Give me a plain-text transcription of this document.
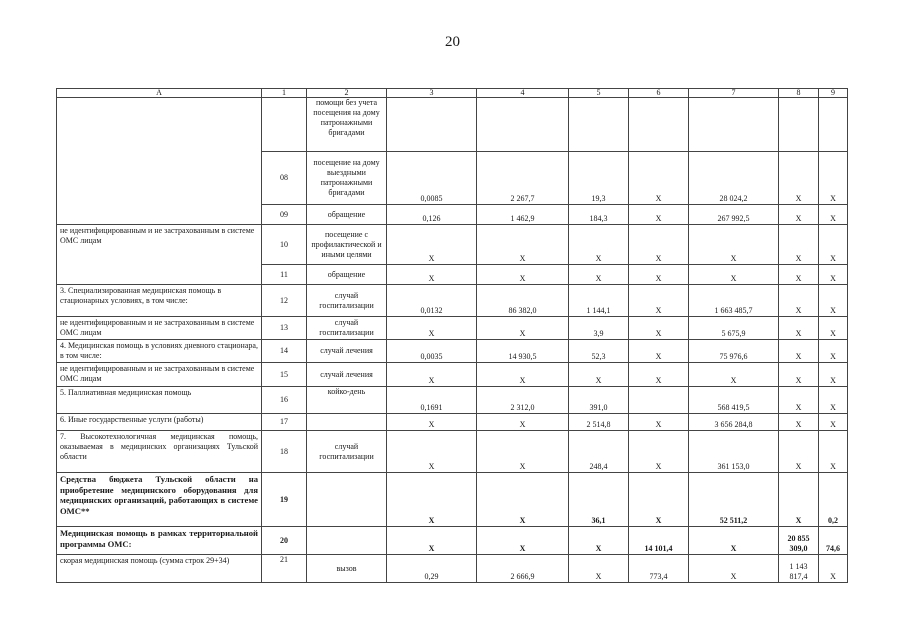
20
А	1	2	3	4	5	6	7	8	9
		помощи без учета посещения на дому патронажными бригадами							
	08	посещение на дому выездными патронажными бригадами	0,0085	2 267,7	19,3	Х	28 024,2	Х	Х
	09	обращение	0,126	1 462,9	184,3	Х	267 992,5	Х	Х
не идентифицированным и не застрахованным в системе ОМС лицам	10	посещение с профилактической и иными целями	Х	Х	Х	Х	Х	Х	Х
	11	обращение	Х	Х	Х	Х	Х	Х	Х
3. Специализированная медицинская помощь в стационарных условиях, в том числе:	12	случай госпитализации	0,0132	86 382,0	1 144,1	Х	1 663 485,7	Х	Х
не идентифицированным и не застрахованным в системе ОМС лицам	13	случай госпитализации	Х	Х	3,9	Х	5 675,9	Х	Х
4. Медицинская помощь в условиях дневного стационара, в том числе:	14	случай лечения	0,0035	14 930,5	52,3	Х	75 976,6	Х	Х
не идентифицированным и не застрахованным в системе ОМС лицам	15	случай лечения	Х	Х	Х	Х	Х	Х	Х
5. Паллиативная медицинская помощь	16	койко-день	0,1691	2 312,0	391,0		568 419,5	Х	Х
6. Иные государственные услуги (работы)	17		Х	Х	2 514,8	Х	3 656 284,8	Х	Х
7. Высокотехнологичная медицинская помощь, оказываемая в медицинских организациях Тульской области	18	случай госпитализации	Х	Х	248,4	Х	361 153,0	Х	Х
Средства бюджета Тульской области на приобретение медицинского оборудования для медицинских организаций, работающих в системе ОМС**	19		Х	Х	36,1	Х	52 511,2	Х	0,2
Медицинская помощь в рамках территориальной программы ОМС:	20		Х	Х	Х	14 101,4	Х	20 855 309,0	74,6
скорая медицинская помощь (сумма строк 29+34)	21	вызов	0,29	2 666,9	Х	773,4	Х	1 143 817,4	Х
